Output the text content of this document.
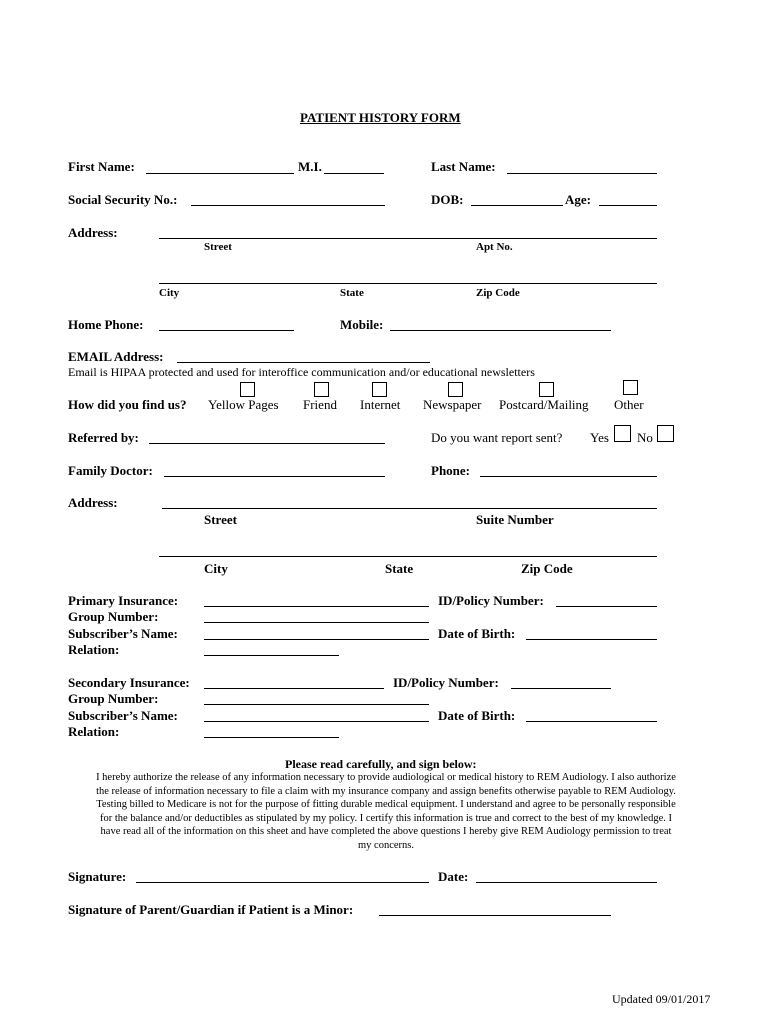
PATIENT HISTORY FORM
First Name:	M.I.	Last Name:
Social Security No.:	DOB:	Age:
Address:
Street	Apt No.
City	State	Zip Code
Home Phone:	Mobile:
EMAIL Address:
Email is HIPAA protected and used for interoffice communication and/or educational newsletters
How did you find us? Yellow Pages Friend Internet Newspaper Postcard/Mailing Other
Referred by:	Do you want report sent? Yes No
Family Doctor:	Phone:
Address:
Street	Suite Number
City	State	Zip Code
Primary Insurance:	ID/Policy Number:
Group Number:
Subscriber’s Name:	Date of Birth:
Relation:
Secondary Insurance:	ID/Policy Number:
Group Number:
Subscriber’s Name:	Date of Birth:
Relation:
Please read carefully, and sign below:
I hereby authorize the release of any information necessary to provide audiological or medical history to REM Audiology. I also authorize
the release of information necessary to file a claim with my insurance company and assign benefits otherwise payable to REM Audiology.
Testing billed to Medicare is not for the purpose of fitting durable medical equipment. I understand and agree to be personally responsible
for the balance and/or deductibles as stipulated by my policy. I certify this information is true and correct to the best of my knowledge. I
have read all of the information on this sheet and have completed the above questions I hereby give REM Audiology permission to treat
my concerns.
Signature:	Date:
Signature of Parent/Guardian if Patient is a Minor:
Updated 09/01/2017
